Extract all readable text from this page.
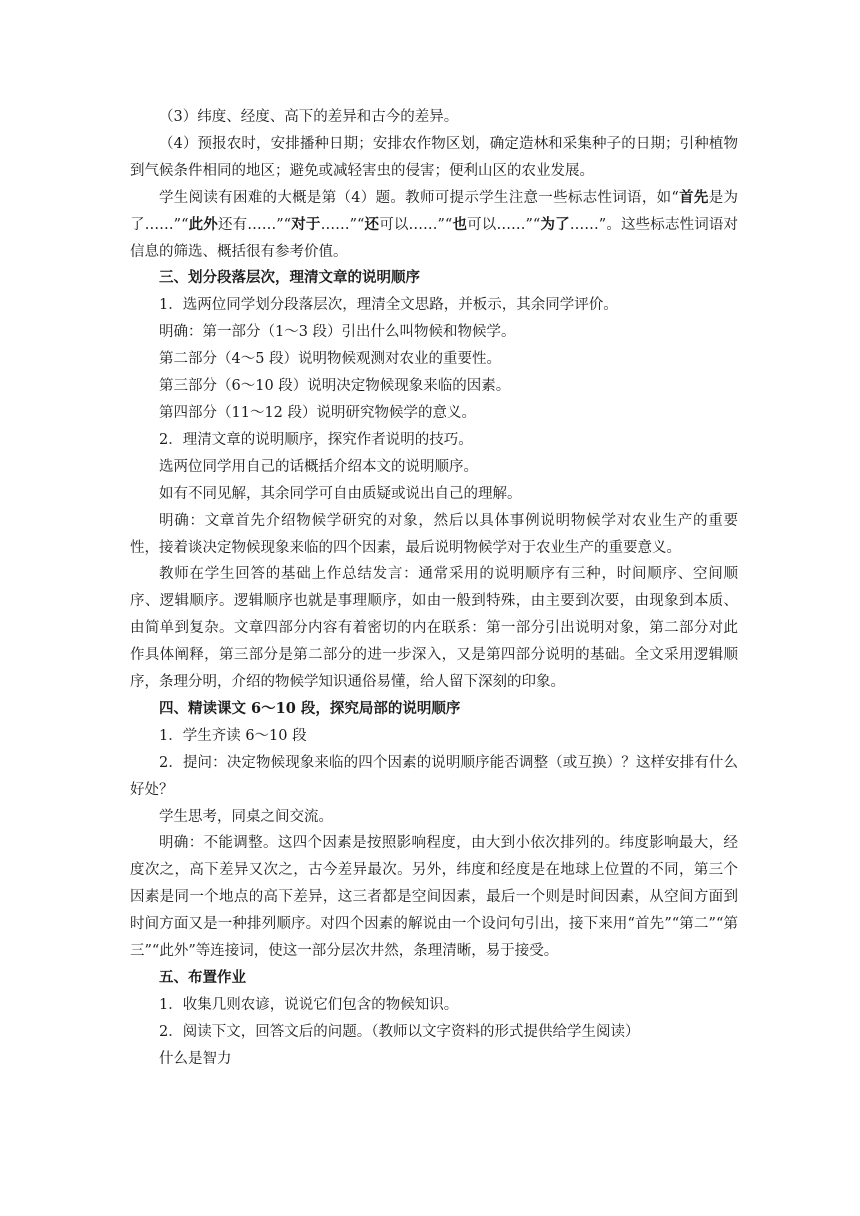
（3）纬度、经度、高下的差异和古今的差异。

（4）预报农时，安排播种日期；安排农作物区划，确定造林和采集种子的日期；引种植物到气候条件相同的地区；避免或减轻害虫的侵害；便利山区的农业发展。

学生阅读有困难的大概是第（4）题。教师可提示学生注意一些标志性词语，如“首先是为了……”“此外还有……”“对于……”“还可以……”“也可以……”“为了……”。这些标志性词语对信息的筛选、概括很有参考价值。

三、划分段落层次，理清文章的说明顺序

1．选两位同学划分段落层次，理清全文思路，并板示，其余同学评价。

明确：第一部分（1～3 段）引出什么叫物候和物候学。

第二部分（4～5 段）说明物候观测对农业的重要性。

第三部分（6～10 段）说明决定物候现象来临的因素。

第四部分（11～12 段）说明研究物候学的意义。

2．理清文章的说明顺序，探究作者说明的技巧。

选两位同学用自己的话概括介绍本文的说明顺序。

如有不同见解，其余同学可自由质疑或说出自己的理解。

明确：文章首先介绍物候学研究的对象，然后以具体事例说明物候学对农业生产的重要性，接着谈决定物候现象来临的四个因素，最后说明物候学对于农业生产的重要意义。

教师在学生回答的基础上作总结发言：通常采用的说明顺序有三种，时间顺序、空间顺序、逻辑顺序。逻辑顺序也就是事理顺序，如由一般到特殊，由主要到次要，由现象到本质、由简单到复杂。文章四部分内容有着密切的内在联系：第一部分引出说明对象，第二部分对此作具体阐释，第三部分是第二部分的进一步深入，又是第四部分说明的基础。全文采用逻辑顺序，条理分明，介绍的物候学知识通俗易懂，给人留下深刻的印象。

四、精读课文 6～10 段，探究局部的说明顺序

1．学生齐读 6～10 段

2．提问：决定物候现象来临的四个因素的说明顺序能否调整（或互换）？这样安排有什么好处？

学生思考，同桌之间交流。

明确：不能调整。这四个因素是按照影响程度，由大到小依次排列的。纬度影响最大，经度次之，高下差异又次之，古今差异最次。另外，纬度和经度是在地球上位置的不同，第三个因素是同一个地点的高下差异，这三者都是空间因素，最后一个则是时间因素，从空间方面到时间方面又是一种排列顺序。对四个因素的解说由一个设问句引出，接下来用“首先”“第二”“第三”“此外”等连接词，使这一部分层次井然，条理清晰，易于接受。

五、布置作业

1．收集几则农谚，说说它们包含的物候知识。

2．阅读下文，回答文后的问题。（教师以文字资料的形式提供给学生阅读）

什么是智力
